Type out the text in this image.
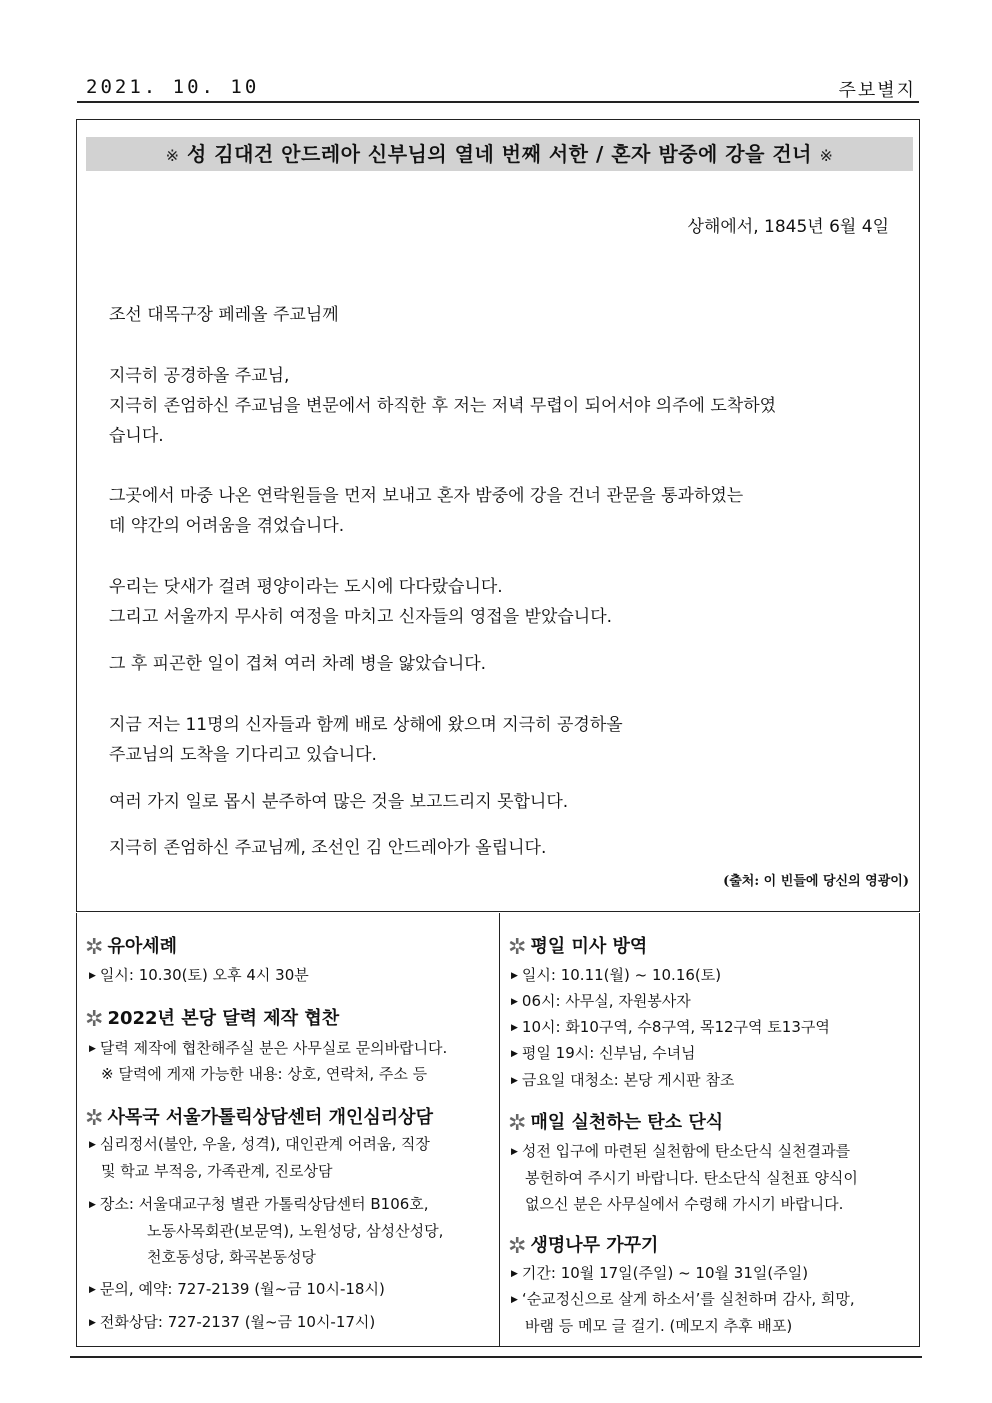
2021. 10. 10	주보별지
※ 성 김대건 안드레아 신부님의 열네 번째 서한 / 혼자 밤중에 강을 건너 ※
상해에서, 1845년 6월 4일
조선 대목구장 페레올 주교님께
지극히 공경하올 주교님,
지극히 존엄하신 주교님을 변문에서 하직한 후 저는 저녁 무렵이 되어서야 의주에 도착하였
습니다.
그곳에서 마중 나온 연락원들을 먼저 보내고 혼자 밤중에 강을 건너 관문을 통과하였는
데 약간의 어려움을 겪었습니다.
우리는 닷새가 걸려 평양이라는 도시에 다다랐습니다.
그리고 서울까지 무사히 여정을 마치고 신자들의 영접을 받았습니다.
그 후 피곤한 일이 겹쳐 여러 차례 병을 앓았습니다.
지금 저는 11명의 신자들과 함께 배로 상해에 왔으며 지극히 공경하올
주교님의 도착을 기다리고 있습니다.
여러 가지 일로 몹시 분주하여 많은 것을 보고드리지 못합니다.
지극히 존엄하신 주교님께, 조선인 김 안드레아가 올립니다.
(출처: 이 빈들에 당신의 영광이)
✲ 유아세례
▶ 일시: 10.30(토) 오후 4시 30분
✲ 2022년 본당 달력 제작 협찬
▶ 달력 제작에 협찬해주실 분은 사무실로 문의바랍니다.
※ 달력에 게재 가능한 내용: 상호, 연락처, 주소 등
✲ 사목국 서울가톨릭상담센터 개인심리상담
▶ 심리정서(불안, 우울, 성격), 대인관계 어려움, 직장
및 학교 부적응, 가족관계, 진로상담
▶ 장소: 서울대교구청 별관 가톨릭상담센터 B106호,
노동사목회관(보문역), 노원성당, 삼성산성당,
천호동성당, 화곡본동성당
▶ 문의, 예약: 727-2139 (월~금 10시-18시)
▶ 전화상담: 727-2137 (월~금 10시-17시)
✲ 평일 미사 방역
▶ 일시: 10.11(월) ~ 10.16(토)
▶ 06시: 사무실, 자원봉사자
▶ 10시: 화10구역, 수8구역, 목12구역 토13구역
▶ 평일 19시: 신부님, 수녀님
▶ 금요일 대청소: 본당 게시판 참조
✲ 매일 실천하는 탄소 단식
▶ 성전 입구에 마련된 실천함에 탄소단식 실천결과를
봉헌하여 주시기 바랍니다. 탄소단식 실천표 양식이
없으신 분은 사무실에서 수령해 가시기 바랍니다.
✲ 생명나무 가꾸기
▶ 기간: 10월 17일(주일) ~ 10월 31일(주일)
▶ ‘순교정신으로 살게 하소서’를 실천하며 감사, 희망,
바램 등 메모 글 걸기. (메모지 추후 배포)
